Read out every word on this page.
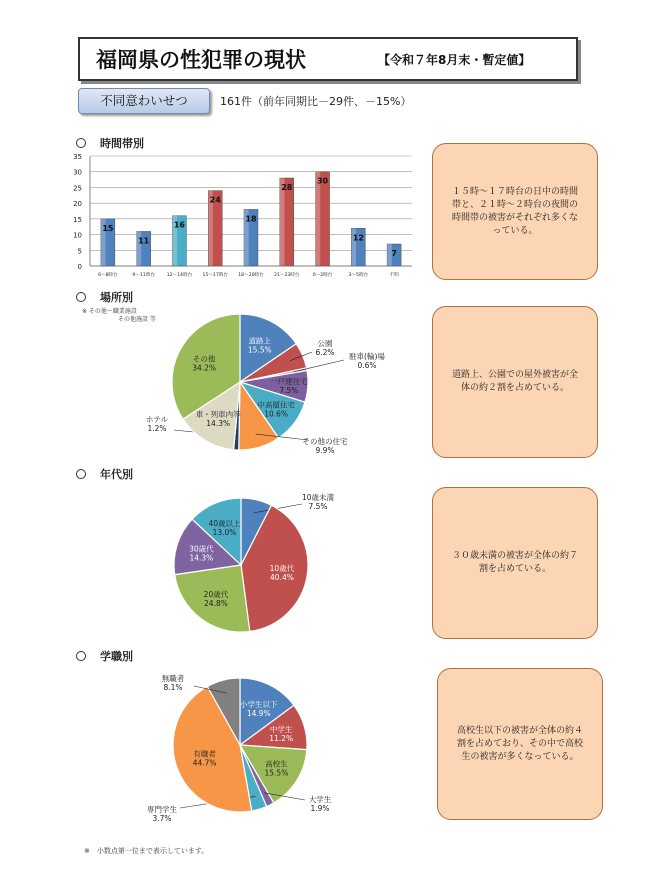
福岡県の性犯罪の現状	【令和７年8月末・暫定値】
不同意わいせつ	161件（前年同期比－29件、－15%）
時間帯別
場所別
年代別
学職別
※ その他～職業施設
その他施設 等
１５時～１７時台の日中の時間帯と、２１時～２時台の夜間の時間帯の被害がそれぞれ多くなっている。
道路上、公園での屋外被害が全体の約２割を占めている。
３０歳未満の被害が全体の約７割を占めている。
高校生以下の被害が全体の約４割を占めており、その中で高校生の被害が多くなっている。
※　小数点第一位まで表示しています。
0
5
10
15
20
25
30
35
15
6～8時台
11
9～11時台
16
12～14時台
24
15～17時台
18
18～20時台
28
21～23時台
30
0～2時台
12
3～5時台
7
不明
道路上
15.5%
公園
6.2% 駐車(輪)場
0.6%
一戸建住宅
7.5%
中高層住宅
10.6%
その他の住宅
9.9%
ホテル
1.2%
車・列車内等
14.3%
その他
34.2%
10歳未満
7.5%
10歳代
40.4%
20歳代
24.8%
30歳代
14.3%
40歳以上
13.0%
小学生以下
14.9%
中学生
11.2%
高校生
15.5%
大学生
1.9%
専門学生
3.7%
有職者
44.7%
無職者
8.1%
